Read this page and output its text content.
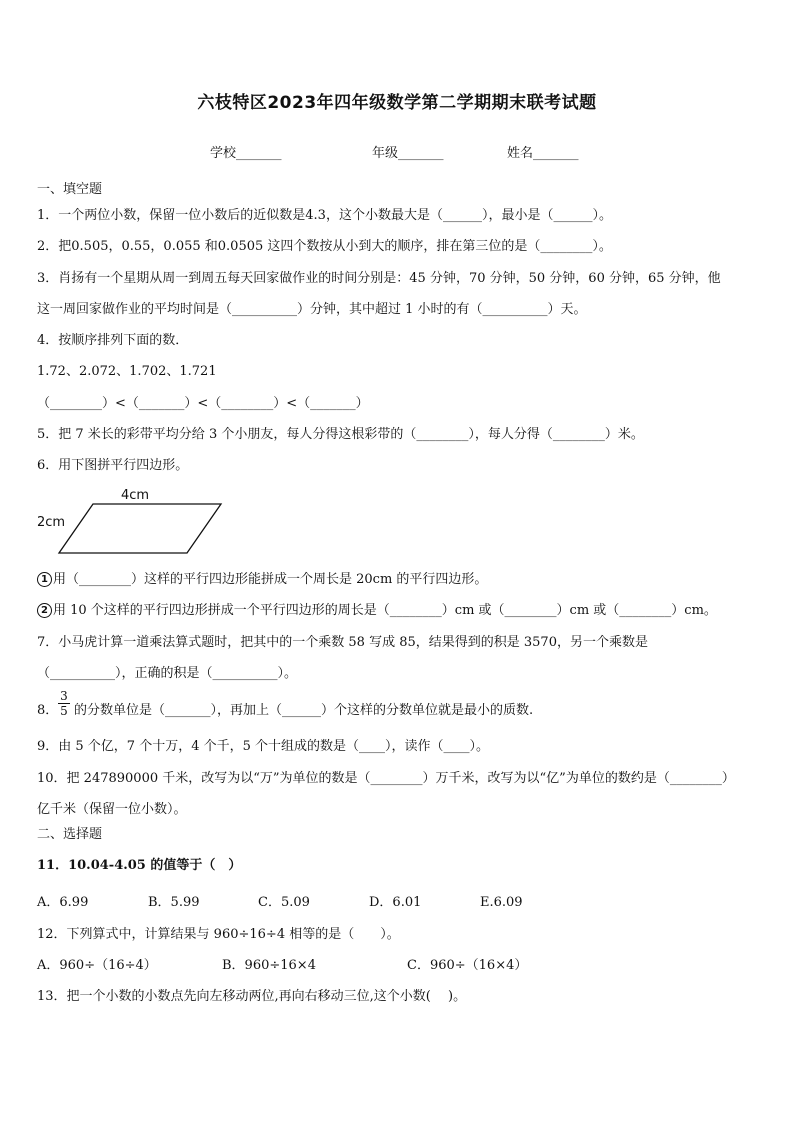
六枝特区2023年四年级数学第二学期期末联考试题
学校_______	年级_______	姓名_______
一、填空题
1．一个两位小数，保留一位小数后的近似数是4.3，这个小数最大是（______），最小是（______）。
2．把0.505，0.55，0.055 和0.0505 这四个数按从小到大的顺序，排在第三位的是（________）。
3．肖扬有一个星期从周一到周五每天回家做作业的时间分别是：45 分钟，70 分钟，50 分钟，60 分钟，65 分钟，他
这一周回家做作业的平均时间是（__________）分钟，其中超过 1 小时的有（__________）天。
4．按顺序排列下面的数．
1.72、2.072、1.702、1.721
（________）<（_______）<（________）<（_______）
5．把 7 米长的彩带平均分给 3 个小朋友，每人分得这根彩带的（________），每人分得（________）米。
6．用下图拼平行四边形。
4cm
2cm
1 用（________）这样的平行四边形能拼成一个周长是 20cm 的平行四边形。
2 用 10 个这样的平行四边形拼成一个平行四边形的周长是（________）cm 或（________）cm 或（________）cm。
7．小马虎计算一道乘法算式题时，把其中的一个乘数 58 写成 85，结果得到的积是 3570，另一个乘数是
（__________），正确的积是（__________）。
8． $\frac{3}{5}$ 的分数单位是（_______），再加上（______）个这样的分数单位就是最小的质数.
9．由 5 个亿，7 个十万，4 个千，5 个十组成的数是（____），读作（____）。
10．把 247890000 千米，改写为以“万”为单位的数是（________）万千米，改写为以“亿”为单位的数约是（________）
亿千米（保留一位小数）。
二、选择题
11．10.04-4.05 的值等于（　）
A．6.99	B．5.99	C．5.09	D．6.01	E.6.09
12．下列算式中，计算结果与 960÷16÷4 相等的是（　　）。
A．960÷（16÷4）	B．960÷16×4	C．960÷（16×4）
13．把一个小数的小数点先向左移动两位,再向右移动三位,这个小数(　 )。
